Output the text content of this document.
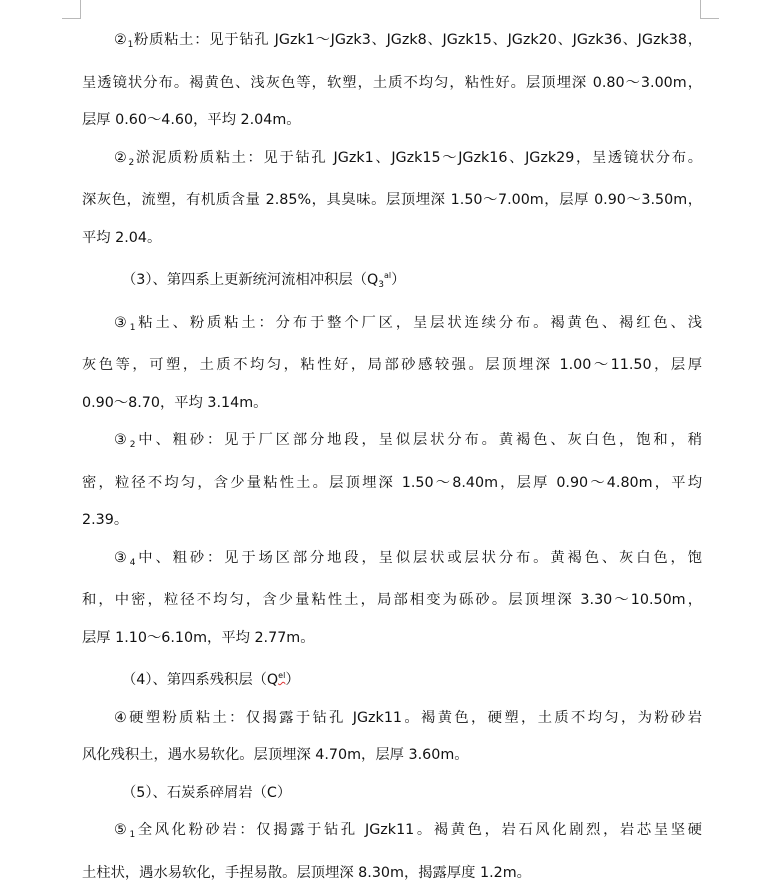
$②_1$粉质粘土：见于钻孔 JGzk1～JGzk3、JGzk8、JGzk15、JGzk20、JGzk36、JGzk38，
呈透镜状分布。褐黄色、浅灰色等，软塑，土质不均匀，粘性好。层顶埋深 0.80～3.00m，
层厚 0.60～4.60，平均 2.04m。
$②_2$淤泥质粉质粘土：见于钻孔 JGzk1、JGzk15～JGzk16、JGzk29，呈透镜状分布。
深灰色，流塑，有机质含量 2.85%，具臭味。层顶埋深 1.50～7.00m，层厚 0.90～3.50m，
平均 2.04。
（3）、第四系上更新统河流相冲积层$(Q_3^{al})$
$③_1$粘土、粉质粘土：分布于整个厂区，呈层状连续分布。褐黄色、褐红色、浅
灰色等，可塑，土质不均匀，粘性好，局部砂感较强。层顶埋深 1.00～11.50，层厚
0.90～8.70，平均 3.14m。
$③_2$中、粗砂：见于厂区部分地段，呈似层状分布。黄褐色、灰白色，饱和，稍
密，粒径不均匀，含少量粘性土。层顶埋深 1.50～8.40m，层厚 0.90～4.80m，平均
2.39。
$③_4$中、粗砂：见于场区部分地段，呈似层状或层状分布。黄褐色、灰白色，饱
和，中密，粒径不均匀，含少量粘性土，局部相变为砾砂。层顶埋深 3.30～10.50m，
层厚 1.10～6.10m，平均 2.77m。
（4）、第四系残积层$(Q^{el})$
④硬塑粉质粘土：仅揭露于钻孔 JGzk11。褐黄色，硬塑，土质不均匀，为粉砂岩
风化残积土，遇水易软化。层顶埋深 4.70m，层厚 3.60m。
（5）、石炭系碎屑岩（C）
$⑤_1$全风化粉砂岩：仅揭露于钻孔 JGzk11。褐黄色，岩石风化剧烈，岩芯呈坚硬
土柱状，遇水易软化，手捏易散。层顶埋深 8.30m，揭露厚度 1.2m。
